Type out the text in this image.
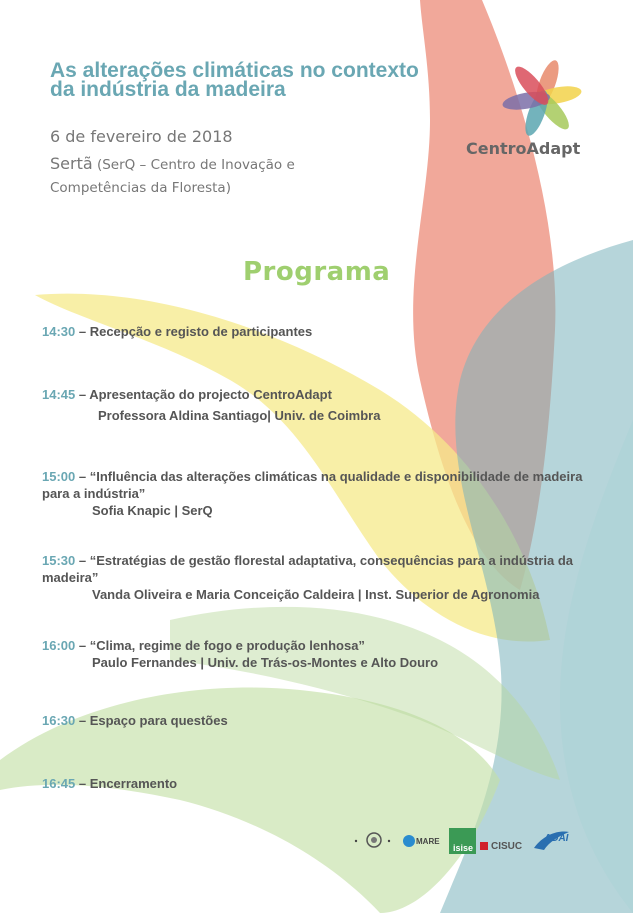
As alterações climáticas no contexto da indústria da madeira
6 de fevereiro de 2018
Sertã (SerQ – Centro de Inovação e Competências da Floresta)
CentroAdapt
Programa
14:30 – Recepção e registo de participantes
14:45 – Apresentação do projecto CentroAdapt
Professora Aldina Santiago| Univ. de Coimbra
15:00 – “Influência das alterações climáticas na qualidade e disponibilidade de madeira para a indústria”
Sofia Knapic | SerQ
15:30 – “Estratégias de gestão florestal adaptativa, consequências para a indústria da madeira”
Vanda Oliveira e Maria Conceição Caldeira | Inst. Superior de Agronomia
16:00 – “Clima, regime de fogo e produção lenhosa”
Paulo Fernandes | Univ. de Trás-os-Montes e Alto Douro
16:30 – Espaço para questões
16:45 – Encerramento
MARE
isise CISUC
ADAI
